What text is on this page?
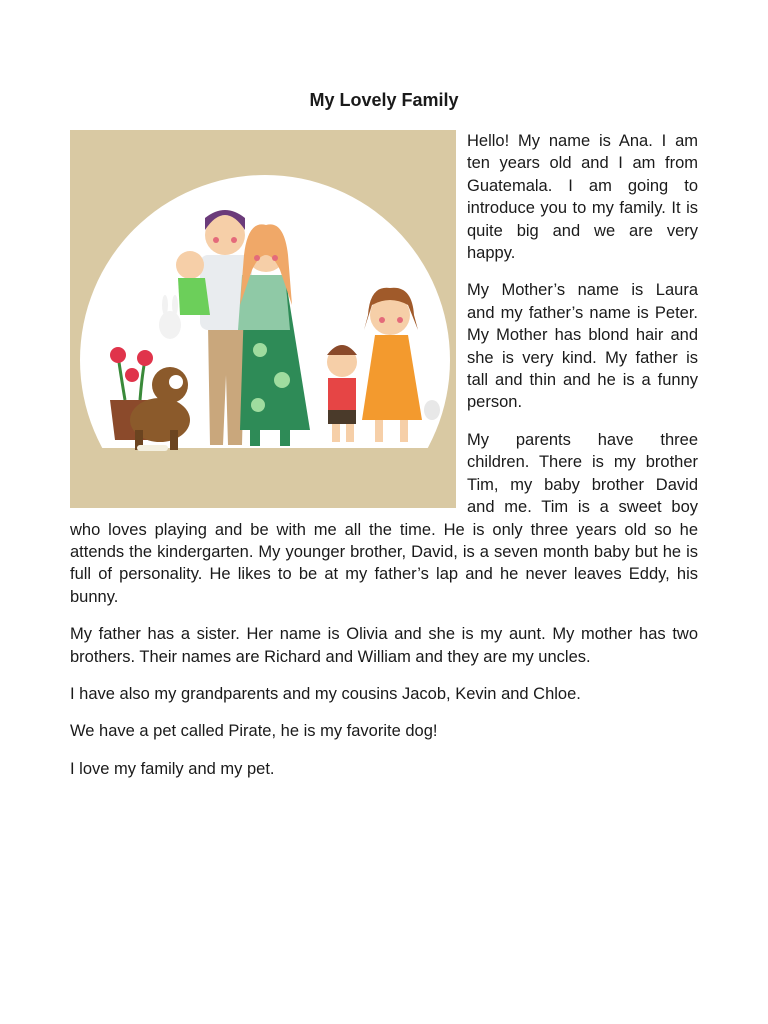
My Lovely Family

Hello! My name is Ana. I am ten years old and I am from Guatemala. I am going to introduce you to my family. It is quite big and we are very happy.

My Mother’s name is Laura and my father’s name is Peter. My Mother has blond hair and she is very kind. My father is tall and thin and he is a funny person.

My parents have three children. There is my brother Tim, my baby brother David and me. Tim is a sweet boy who loves playing and be with me all the time. He is only three years old so he attends the kindergarten. My younger brother, David, is a seven month baby but he is full of personality. He likes to be at my father’s lap and he never leaves Eddy, his bunny.

My father has a sister. Her name is Olivia and she is my aunt. My mother has two brothers. Their names are Richard and William and they are my uncles.

I have also my grandparents and my cousins Jacob, Kevin and Chloe.

We have a pet called Pirate, he is my favorite dog!

I love my family and my pet.
